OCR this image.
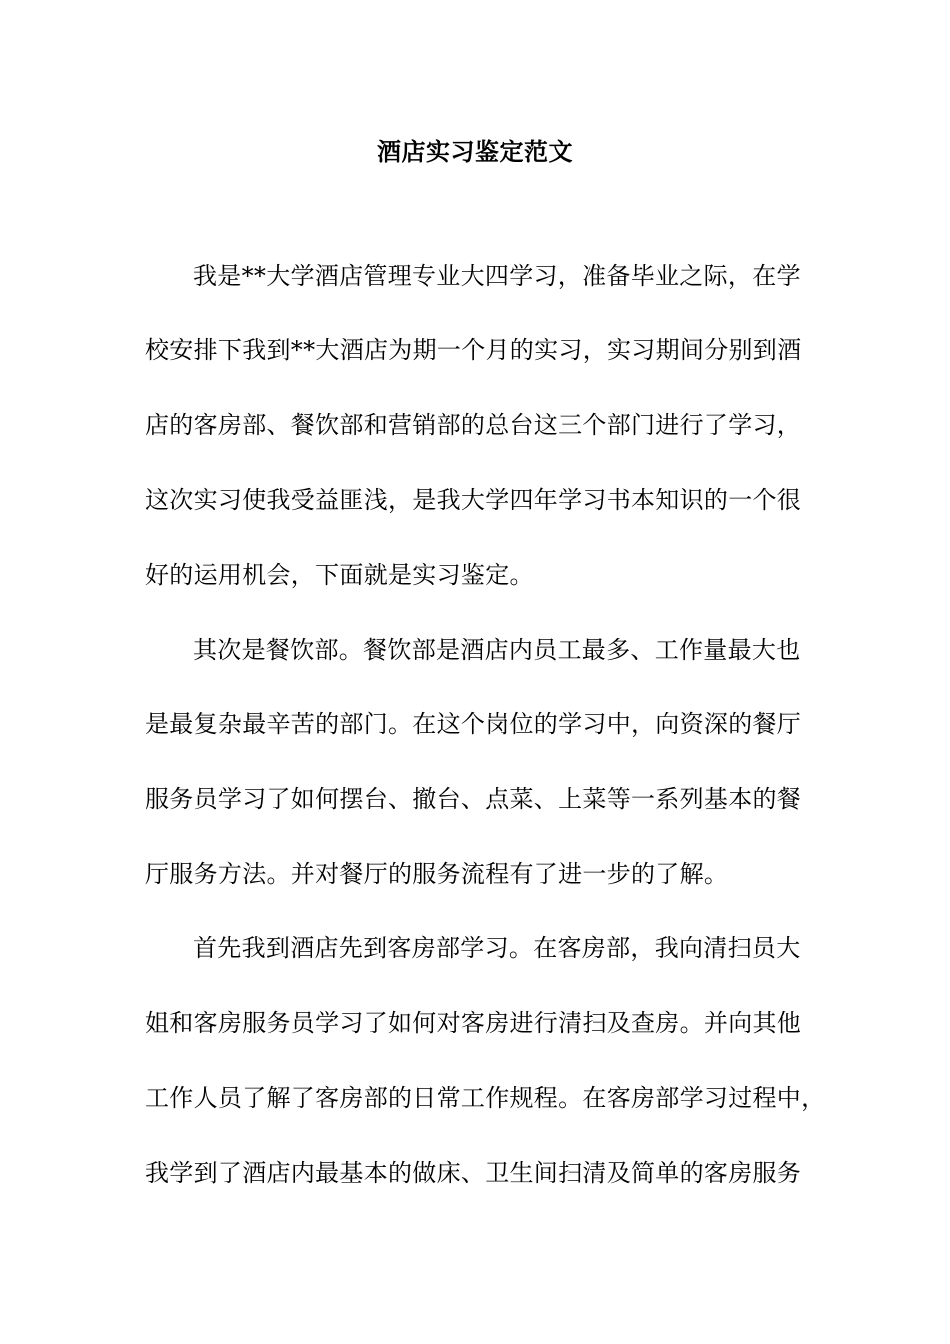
酒店实习鉴定范文
我是**大学酒店管理专业大四学习，准备毕业之际，在学
校安排下我到**大酒店为期一个月的实习，实习期间分别到酒
店的客房部、餐饮部和营销部的总台这三个部门进行了学习，
这次实习使我受益匪浅，是我大学四年学习书本知识的一个很
好的运用机会，下面就是实习鉴定。
其次是餐饮部。餐饮部是酒店内员工最多、工作量最大也
是最复杂最辛苦的部门。在这个岗位的学习中，向资深的餐厅
服务员学习了如何摆台、撤台、点菜、上菜等一系列基本的餐
厅服务方法。并对餐厅的服务流程有了进一步的了解。
首先我到酒店先到客房部学习。在客房部，我向清扫员大
姐和客房服务员学习了如何对客房进行清扫及查房。并向其他
工作人员了解了客房部的日常工作规程。在客房部学习过程中，
我学到了酒店内最基本的做床、卫生间扫清及简单的客房服务
